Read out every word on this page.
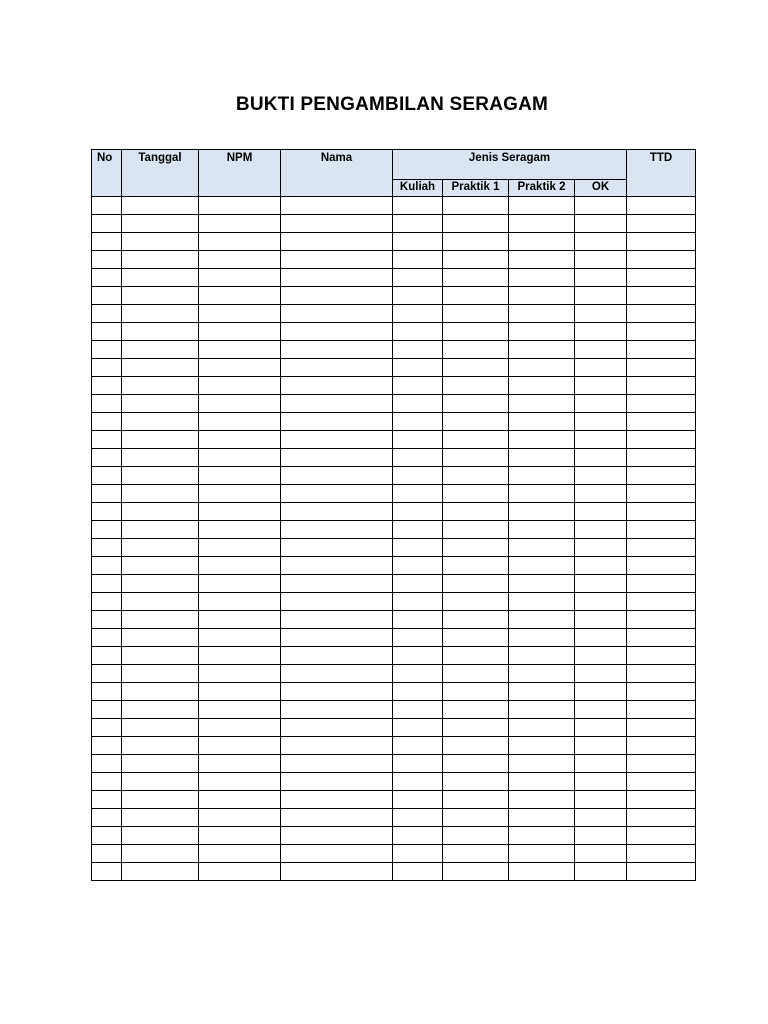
BUKTI PENGAMBILAN SERAGAM
No	Tanggal	NPM	Nama	Jenis Seragam				TTD
				Kuliah	Praktik 1	Praktik 2	OK	
